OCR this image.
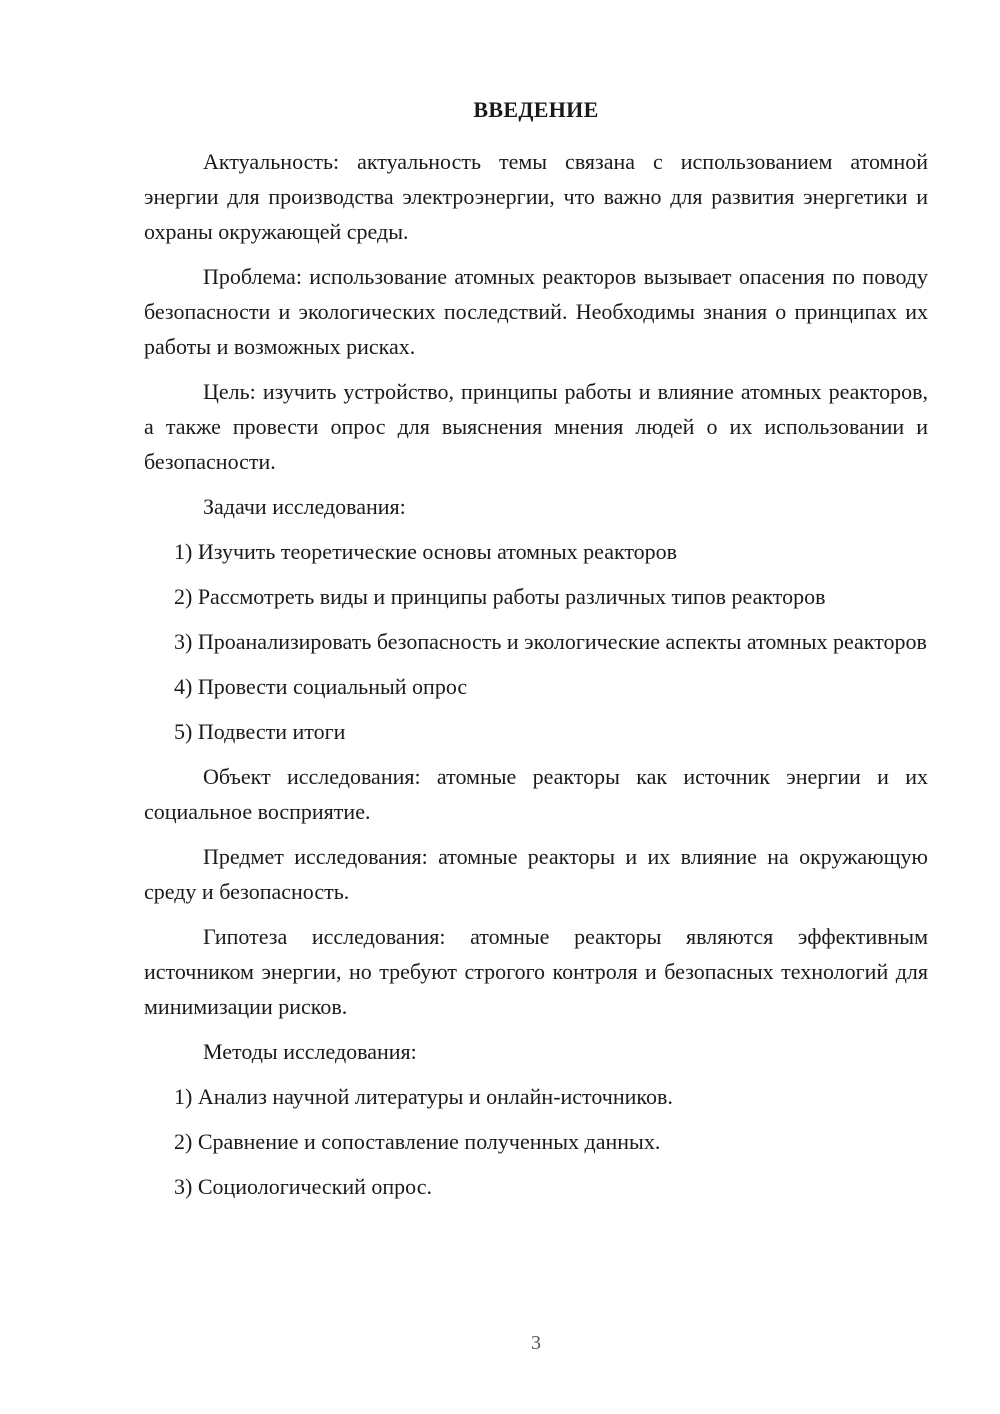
ВВЕДЕНИЕ

Актуальность: актуальность темы связана с использованием атомной энергии для производства электроэнергии, что важно для развития энергетики и охраны окружающей среды.

Проблема: использование атомных реакторов вызывает опасения по поводу безопасности и экологических последствий. Необходимы знания о принципах их работы и возможных рисках.

Цель: изучить устройство, принципы работы и влияние атомных реакторов, а также провести опрос для выяснения мнения людей о их использовании и безопасности.

Задачи исследования:

1) Изучить теоретические основы атомных реакторов

2) Рассмотреть виды и принципы работы различных типов реакторов

3) Проанализировать безопасность и экологические аспекты атомных реакторов

4) Провести социальный опрос

5) Подвести итоги

Объект исследования: атомные реакторы как источник энергии и их социальное восприятие.

Предмет исследования: атомные реакторы и их влияние на окружающую среду и безопасность.

Гипотеза исследования: атомные реакторы являются эффективным источником энергии, но требуют строгого контроля и безопасных технологий для минимизации рисков.

Методы исследования:

1) Анализ научной литературы и онлайн-источников.

2) Сравнение и сопоставление полученных данных.

3) Социологический опрос.

3
